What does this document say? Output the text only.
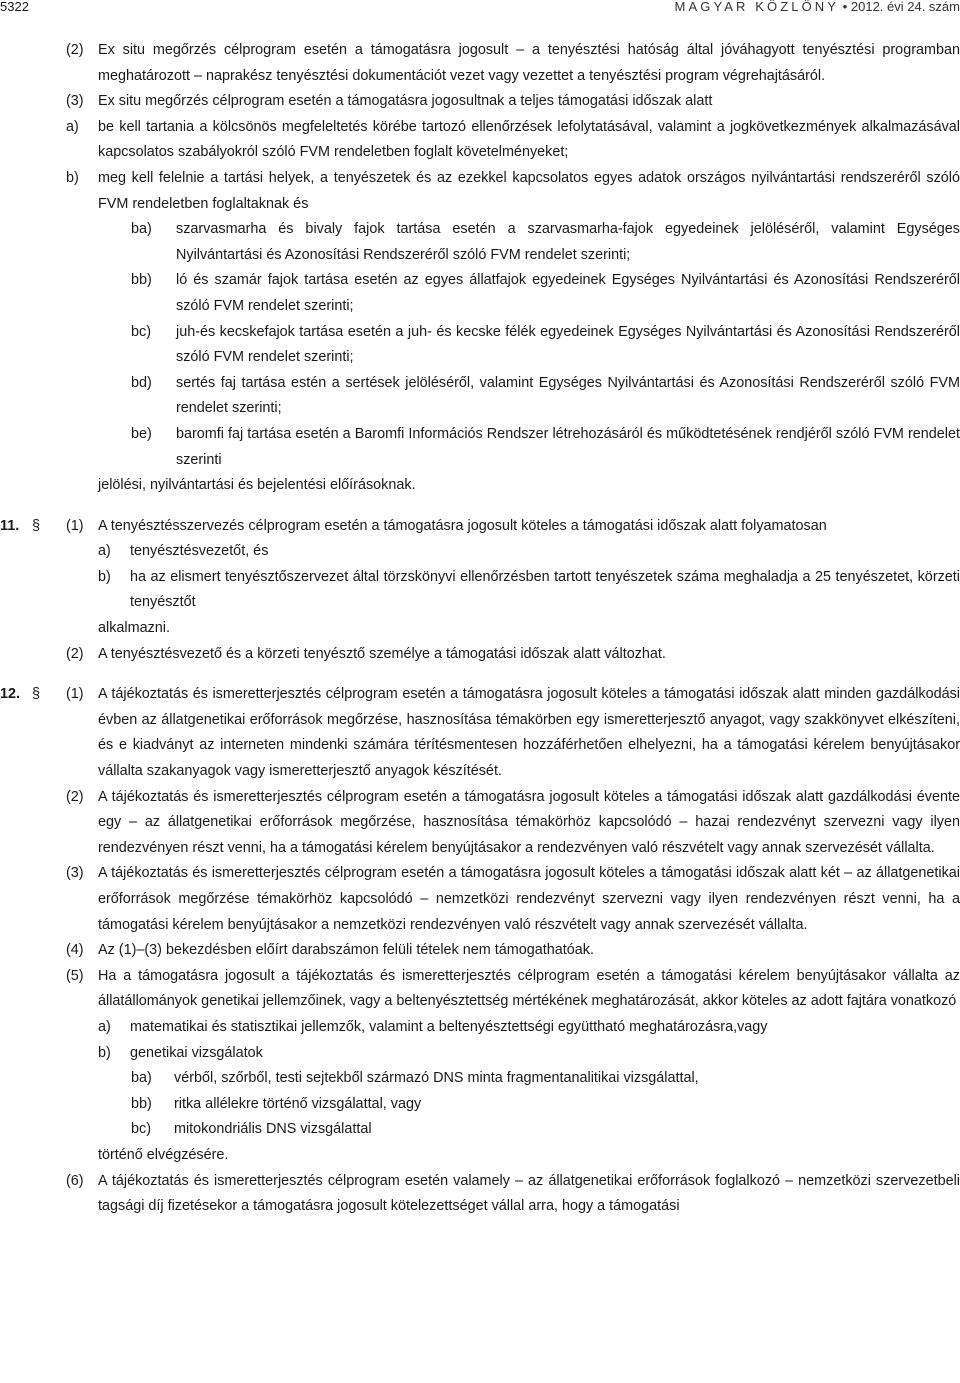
5322	MAGYAR KÖZLÖNY • 2012. évi 24. szám
(2)	Ex situ megőrzés célprogram esetén a támogatásra jogosult – a tenyésztési hatóság által jóváhagyott tenyésztési programban meghatározott – naprakész tenyésztési dokumentációt vezet vagy vezettet a tenyésztési program végrehajtásáról.
(3)	Ex situ megőrzés célprogram esetén a támogatásra jogosultnak a teljes támogatási időszak alatt
a)	be kell tartania a kölcsönös megfeleltetés körébe tartozó ellenőrzések lefolytatásával, valamint a jogkövetkezmények alkalmazásával kapcsolatos szabályokról szóló FVM rendeletben foglalt követelményeket;
b)	meg kell felelnie a tartási helyek, a tenyészetek és az ezekkel kapcsolatos egyes adatok országos nyilvántartási rendszeréről szóló FVM rendeletben foglaltaknak és
ba)	szarvasmarha és bivaly fajok tartása esetén a szarvasmarha-fajok egyedeinek jelöléséről, valamint Egységes Nyilvántartási és Azonosítási Rendszeréről szóló FVM rendelet szerinti;
bb)	ló és szamár fajok tartása esetén az egyes állatfajok egyedeinek Egységes Nyilvántartási és Azonosítási Rendszeréről szóló FVM rendelet szerinti;
bc)	juh-és kecskefajok tartása esetén a juh- és kecske félék egyedeinek Egységes Nyilvántartási és Azonosítási Rendszeréről szóló FVM rendelet szerinti;
bd)	sertés faj tartása estén a sertések jelöléséről, valamint Egységes Nyilvántartási és Azonosítási Rendszeréről szóló FVM rendelet szerinti;
be)	baromfi faj tartása esetén a Baromfi Információs Rendszer létrehozásáról és működtetésének rendjéről szóló FVM rendelet szerinti
jelölési, nyilvántartási és bejelentési előírásoknak.
11. §	(1)	A tenyésztésszervezés célprogram esetén a támogatásra jogosult köteles a támogatási időszak alatt folyamatosan
a)	tenyésztésvezetőt, és
b)	ha az elismert tenyésztőszervezet által törzskönyvi ellenőrzésben tartott tenyészetek száma meghaladja a 25 tenyészetet, körzeti tenyésztőt
alkalmazni.
(2)	A tenyésztésvezető és a körzeti tenyésztő személye a támogatási időszak alatt változhat.
12. §	(1)	A tájékoztatás és ismeretterjesztés célprogram esetén a támogatásra jogosult köteles a támogatási időszak alatt minden gazdálkodási évben az állatgenetikai erőforrások megőrzése, hasznosítása témakörben egy ismeretterjesztő anyagot, vagy szakkönyvet elkészíteni, és e kiadványt az interneten mindenki számára térítésmentesen hozzáférhetően elhelyezni, ha a támogatási kérelem benyújtásakor vállalta szakanyagok vagy ismeretterjesztő anyagok készítését.
(2)	A tájékoztatás és ismeretterjesztés célprogram esetén a támogatásra jogosult köteles a támogatási időszak alatt gazdálkodási évente egy – az állatgenetikai erőforrások megőrzése, hasznosítása témakörhöz kapcsolódó – hazai rendezvényt szervezni vagy ilyen rendezvényen részt venni, ha a támogatási kérelem benyújtásakor a rendezvényen való részvételt vagy annak szervezését vállalta.
(3)	A tájékoztatás és ismeretterjesztés célprogram esetén a támogatásra jogosult köteles a támogatási időszak alatt két – az állatgenetikai erőforrások megőrzése témakörhöz kapcsolódó – nemzetközi rendezvényt szervezni vagy ilyen rendezvényen részt venni, ha a támogatási kérelem benyújtásakor a nemzetközi rendezvényen való részvételt vagy annak szervezését vállalta.
(4)	Az (1)–(3) bekezdésben előírt darabszámon felüli tételek nem támogathatóak.
(5)	Ha a támogatásra jogosult a tájékoztatás és ismeretterjesztés célprogram esetén a támogatási kérelem benyújtásakor vállalta az állatállományok genetikai jellemzőinek, vagy a beltenyésztettség mértékének meghatározását, akkor köteles az adott fajtára vonatkozó
a)	matematikai és statisztikai jellemzők, valamint a beltenyésztettségi együttható meghatározásra,vagy
b)	genetikai vizsgálatok
ba)	vérből, szőrből, testi sejtekből származó DNS minta fragmentanalitikai vizsgálattal,
bb)	ritka allélekre történő vizsgálattal, vagy
bc)	mitokondriális DNS vizsgálattal
történő elvégzésére.
(6)	A tájékoztatás és ismeretterjesztés célprogram esetén valamely – az állatgenetikai erőforrások foglalkozó – nemzetközi szervezetbeli tagsági díj fizetésekor a támogatásra jogosult kötelezettséget vállal arra, hogy a támogatási
